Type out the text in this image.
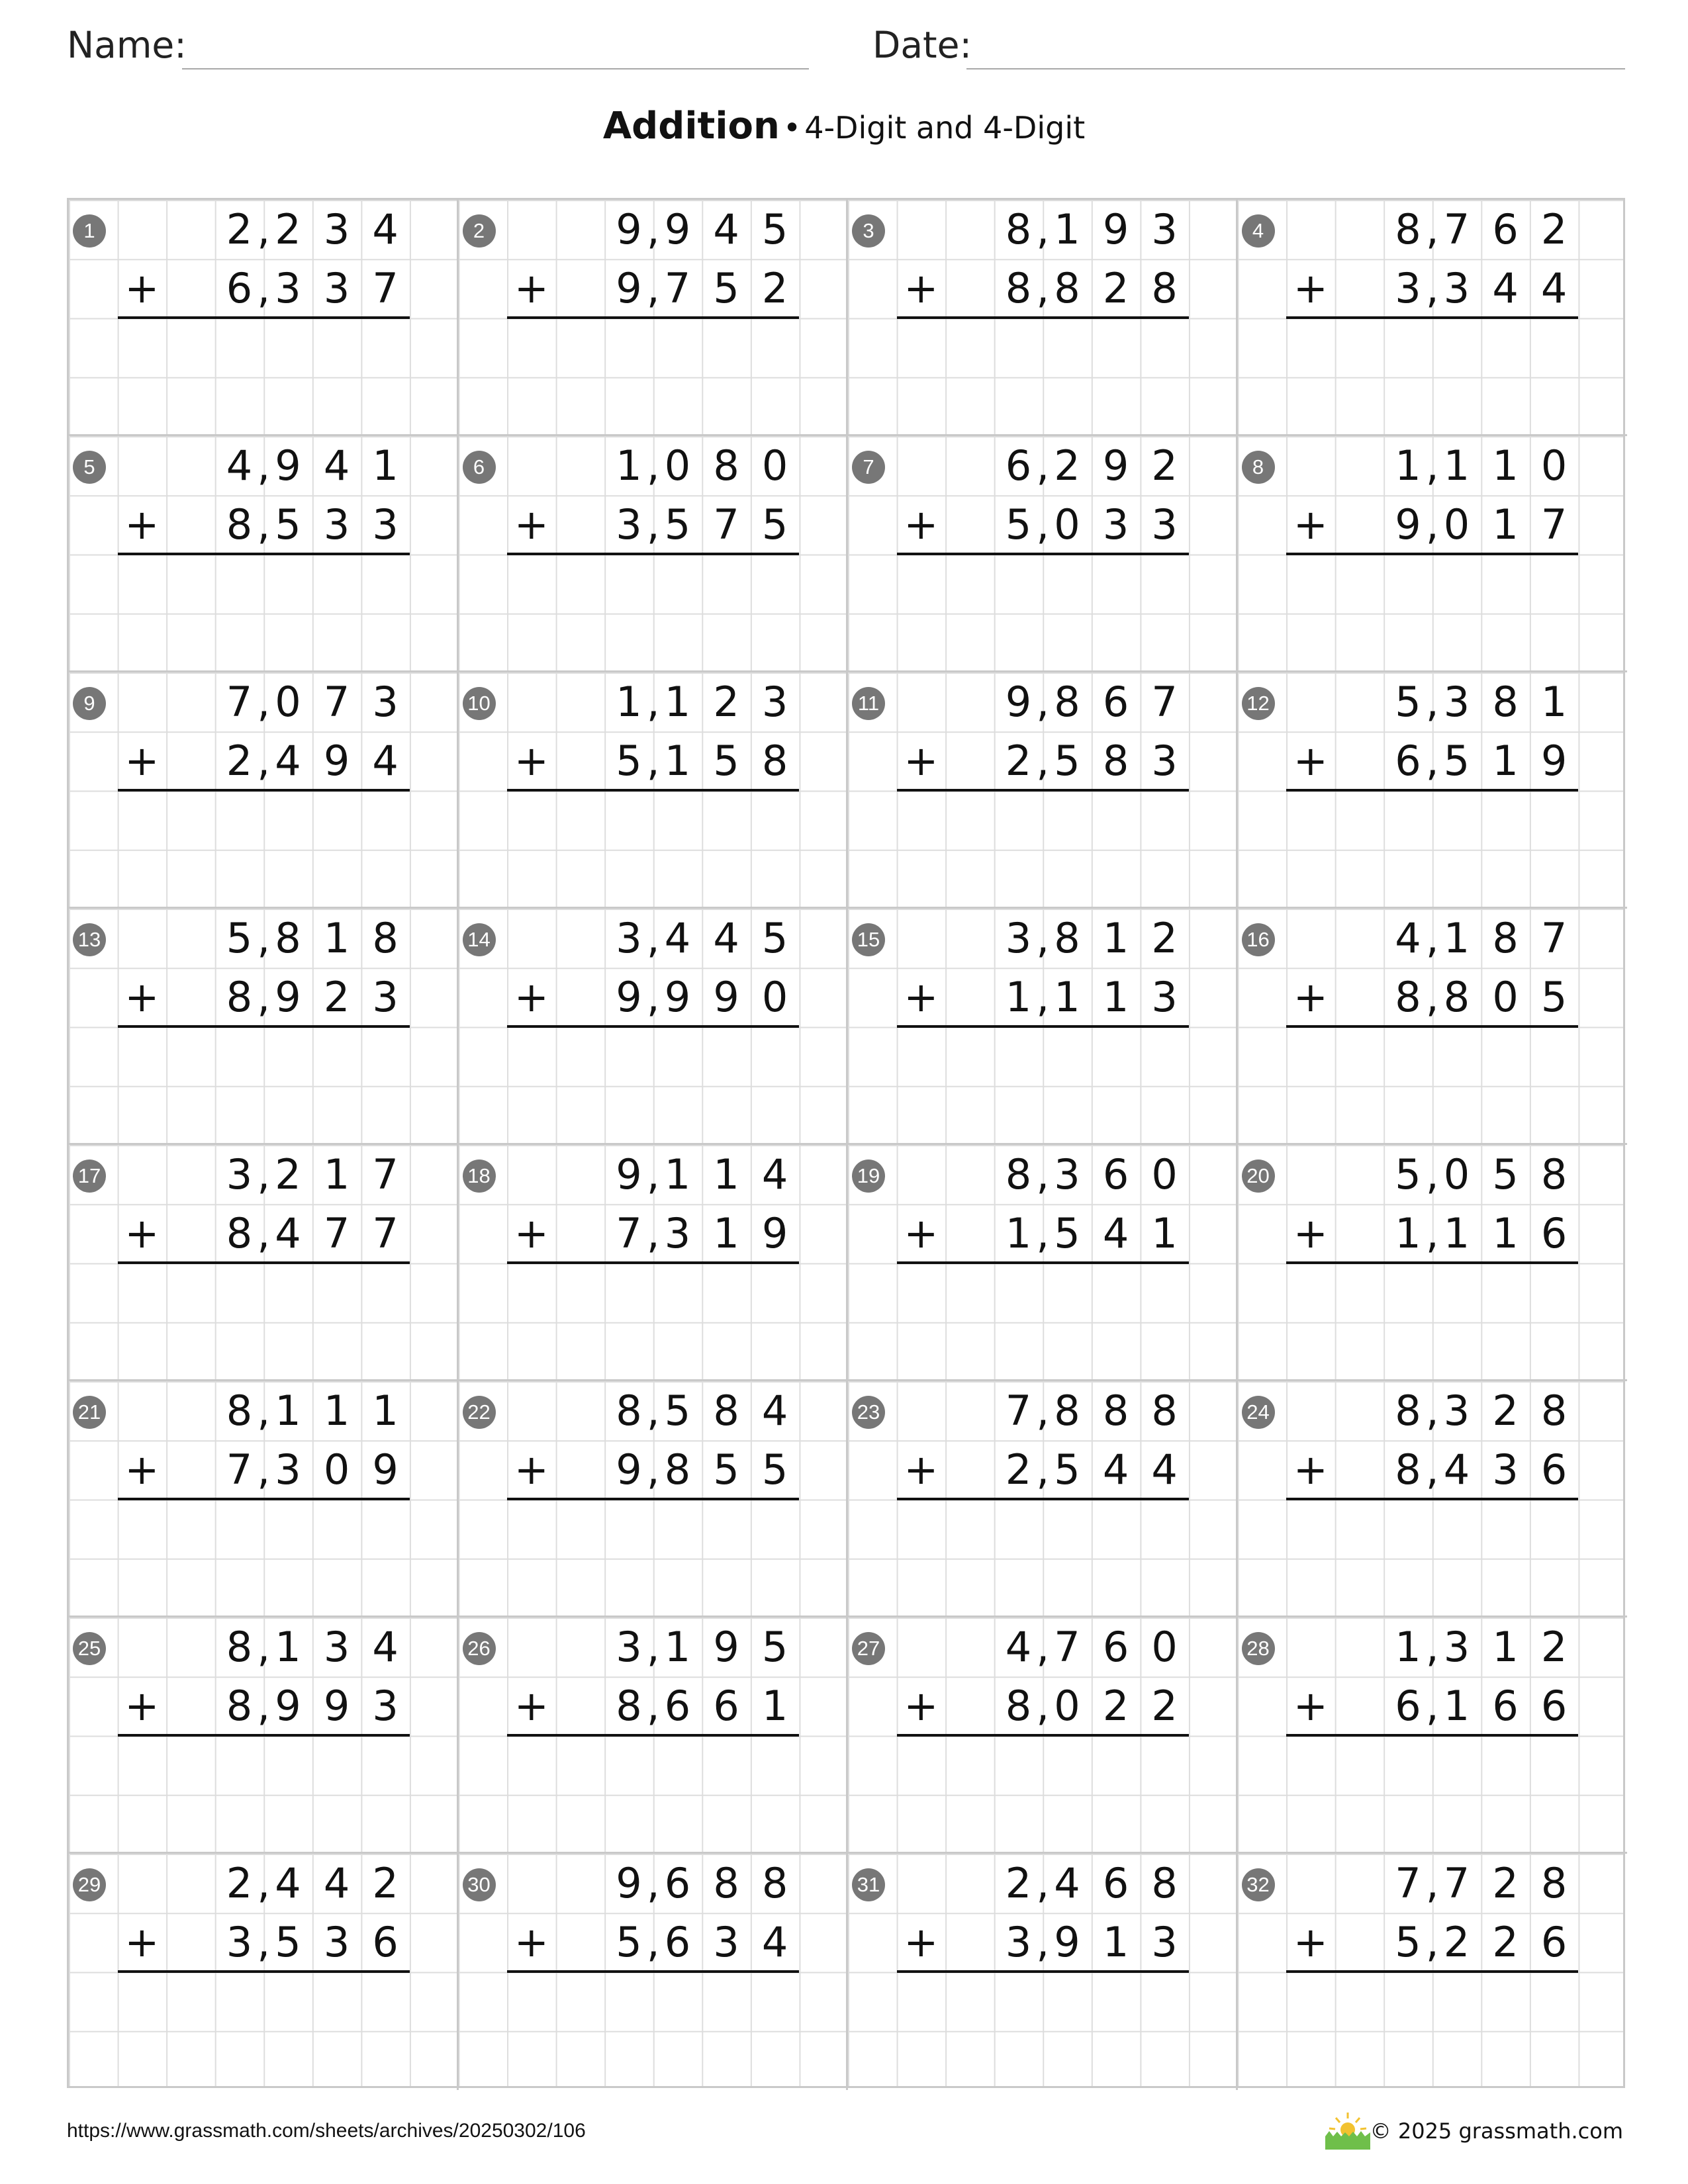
Name:	Date:
Addition • 4-Digit and 4-Digit
1	2 , 2 3 4
6 , 3 3 7
+
2	9 , 9 4 5
9 , 7 5 2
+
3	8 , 1 9 3
8 , 8 2 8
+
4	8 , 7 6 2
3 , 3 4 4
+
5	4 , 9 4 1
8 , 5 3 3
+
6	1 , 0 8 0
3 , 5 7 5
+
7	6 , 2 9 2
5 , 0 3 3
+
8	1 , 1 1 0
9 , 0 1 7
+
9	7 , 0 7 3
2 , 4 9 4
+
10	1 , 1 2 3
5 , 1 5 8
+
11	9 , 8 6 7
2 , 5 8 3
+
12	5 , 3 8 1
6 , 5 1 9
+
13	5 , 8 1 8
8 , 9 2 3
+
14	3 , 4 4 5
9 , 9 9 0
+
15	3 , 8 1 2
1 , 1 1 3
+
16	4 , 1 8 7
8 , 8 0 5
+
17	3 , 2 1 7
8 , 4 7 7
+
18	9 , 1 1 4
7 , 3 1 9
+
19	8 , 3 6 0
1 , 5 4 1
+
20	5 , 0 5 8
1 , 1 1 6
+
21	8 , 1 1 1
7 , 3 0 9
+
22	8 , 5 8 4
9 , 8 5 5
+
23	7 , 8 8 8
2 , 5 4 4
+
24	8 , 3 2 8
8 , 4 3 6
+
25	8 , 1 3 4
8 , 9 9 3
+
26	3 , 1 9 5
8 , 6 6 1
+
27	4 , 7 6 0
8 , 0 2 2
+
28	1 , 3 1 2
6 , 1 6 6
+
29	2 , 4 4 2
3 , 5 3 6
+
30	9 , 6 8 8
5 , 6 3 4
+
31	2 , 4 6 8
3 , 9 1 3
+
32	7 , 7 2 8
5 , 2 2 6
+
https://www.grassmath.com/sheets/archives/20250302/106	© 2025 grassmath.com
